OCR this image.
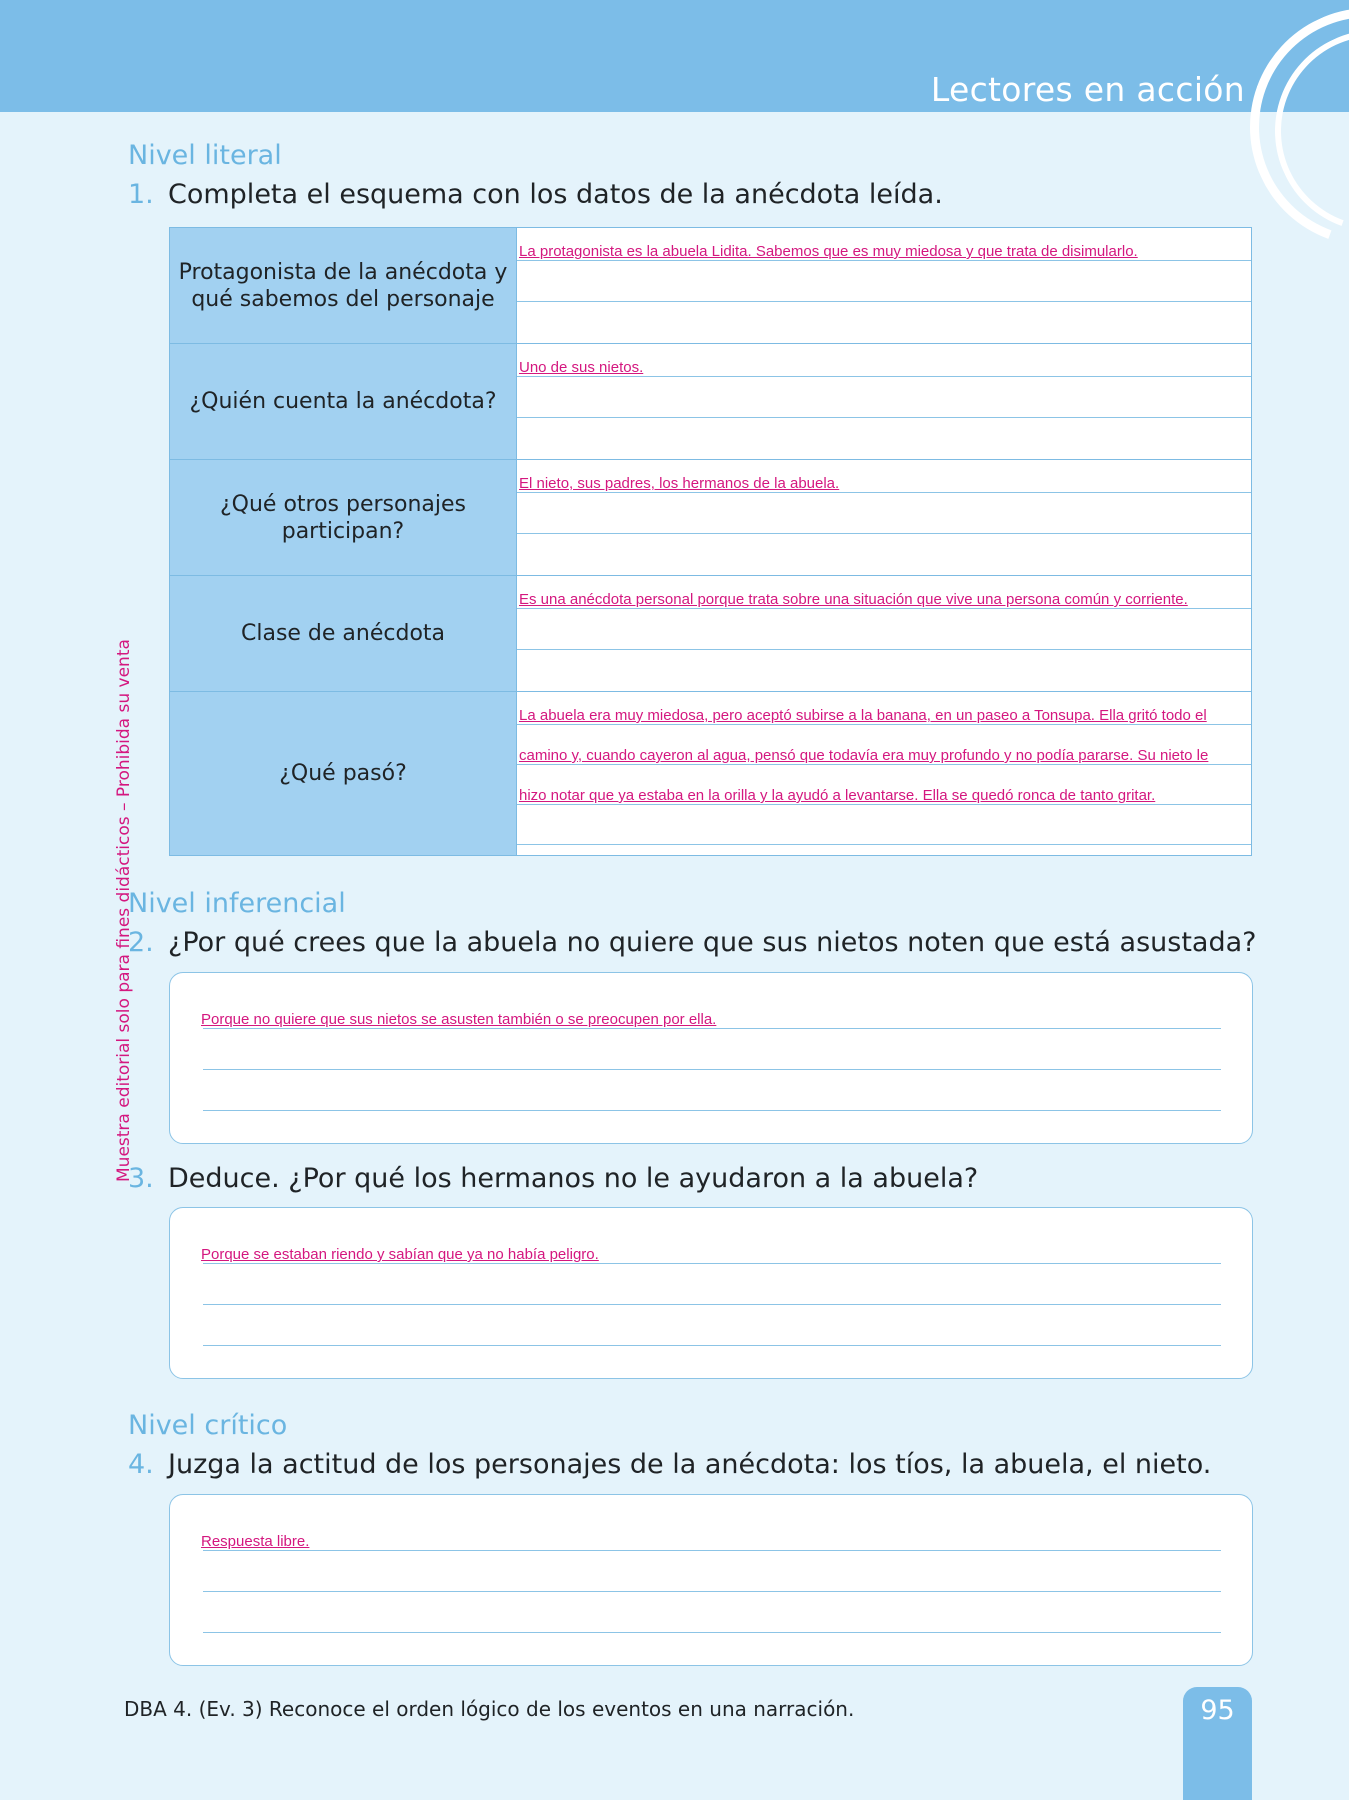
Lectores en acción
Muestra editorial solo para fines didácticos – Prohibida su venta
Nivel literal
1. Completa el esquema con los datos de la anécdota leída.
Protagonista de la anécdota y qué sabemos del personaje	La protagonista es la abuela Lidita. Sabemos que es muy miedosa y que trata de disimularlo.

¿Quién cuenta la anécdota?	Uno de sus nietos.

¿Qué otros personajes participan?	El nieto, sus padres, los hermanos de la abuela.

Clase de anécdota	Es una anécdota personal porque trata sobre una situación que vive una persona común y corriente.

¿Qué pasó?	La abuela era muy miedosa, pero aceptó subirse a la banana, en un paseo a Tonsupa. Ella gritó todo el
camino y, cuando cayeron al agua, pensó que todavía era muy profundo y no podía pararse. Su nieto le
hizo notar que ya estaba en la orilla y la ayudó a levantarse. Ella se quedó ronca de tanto gritar.
Nivel inferencial
2. ¿Por qué crees que la abuela no quiere que sus nietos noten que está asustada?
Porque no quiere que sus nietos se asusten también o se preocupen por ella.
3. Deduce. ¿Por qué los hermanos no le ayudaron a la abuela?
Porque se estaban riendo y sabían que ya no había peligro.
Nivel crítico
4. Juzga la actitud de los personajes de la anécdota: los tíos, la abuela, el nieto.
Respuesta libre.
DBA 4. (Ev. 3) Reconoce el orden lógico de los eventos en una narración.	95
